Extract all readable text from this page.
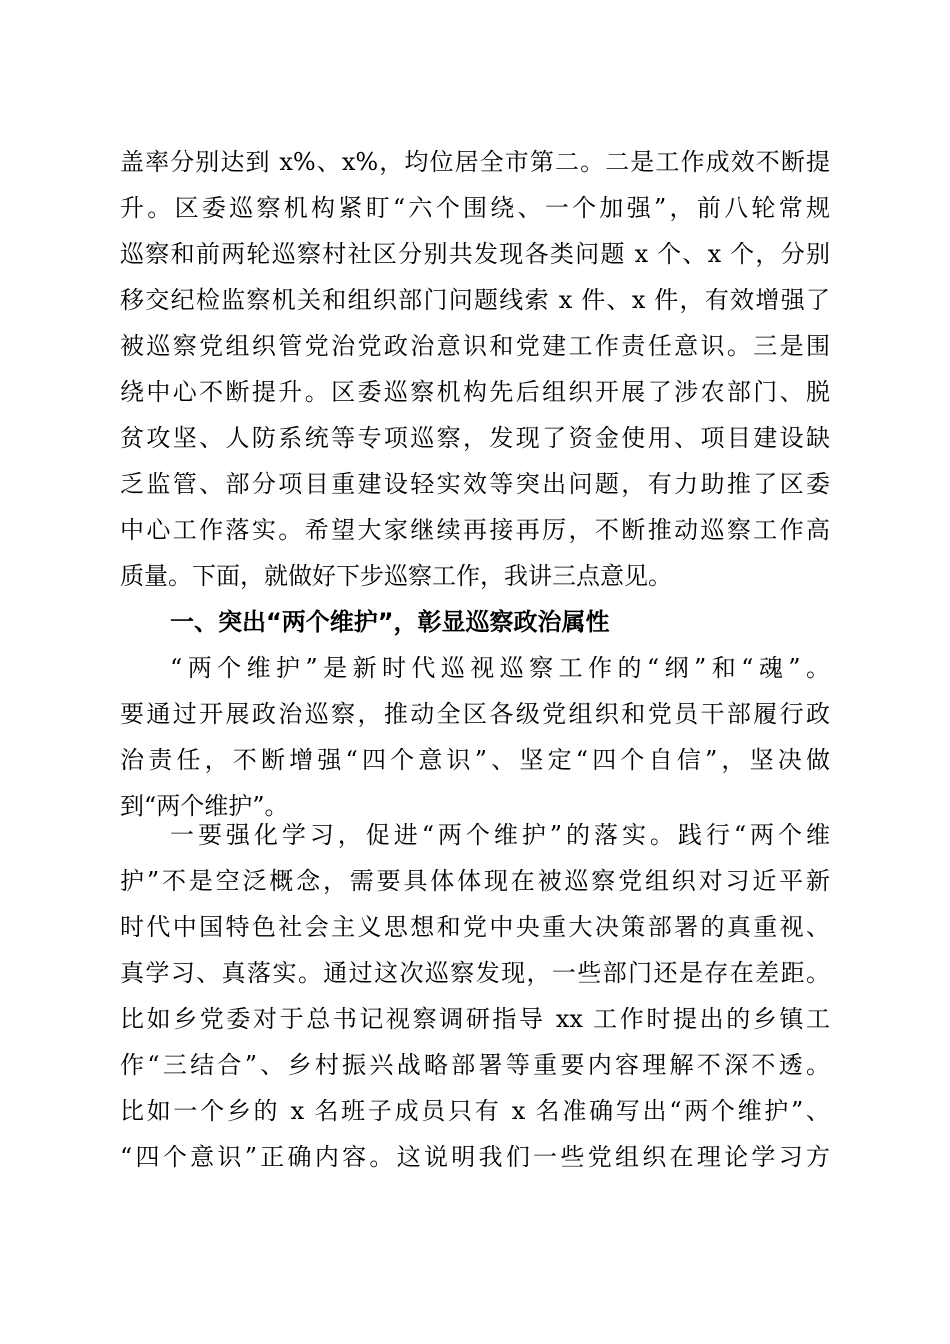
盖率分别达到 x%、x%，均位居全市第二。二是工作成效不断提
升。区委巡察机构紧盯“六个围绕、一个加强”，前八轮常规
巡察和前两轮巡察村社区分别共发现各类问题 x 个、x 个，分别
移交纪检监察机关和组织部门问题线索 x 件、x 件，有效增强了
被巡察党组织管党治党政治意识和党建工作责任意识。三是围
绕中心不断提升。区委巡察机构先后组织开展了涉农部门、脱
贫攻坚、人防系统等专项巡察，发现了资金使用、项目建设缺
乏监管、部分项目重建设轻实效等突出问题，有力助推了区委
中心工作落实。希望大家继续再接再厉，不断推动巡察工作高
质量。下面，就做好下步巡察工作，我讲三点意见。
一、突出“两个维护”，彰显巡察政治属性
“两个维护”是新时代巡视巡察工作的“纲”和“魂”。
要通过开展政治巡察，推动全区各级党组织和党员干部履行政
治责任，不断增强“四个意识”、坚定“四个自信”，坚决做
到“两个维护”。
一要强化学习，促进“两个维护”的落实。践行“两个维
护”不是空泛概念，需要具体体现在被巡察党组织对习近平新
时代中国特色社会主义思想和党中央重大决策部署的真重视、
真学习、真落实。通过这次巡察发现，一些部门还是存在差距。
比如乡党委对于总书记视察调研指导 xx 工作时提出的乡镇工
作“三结合”、乡村振兴战略部署等重要内容理解不深不透。
比如一个乡的 x 名班子成员只有 x 名准确写出“两个维护”、
“四个意识”正确内容。这说明我们一些党组织在理论学习方
